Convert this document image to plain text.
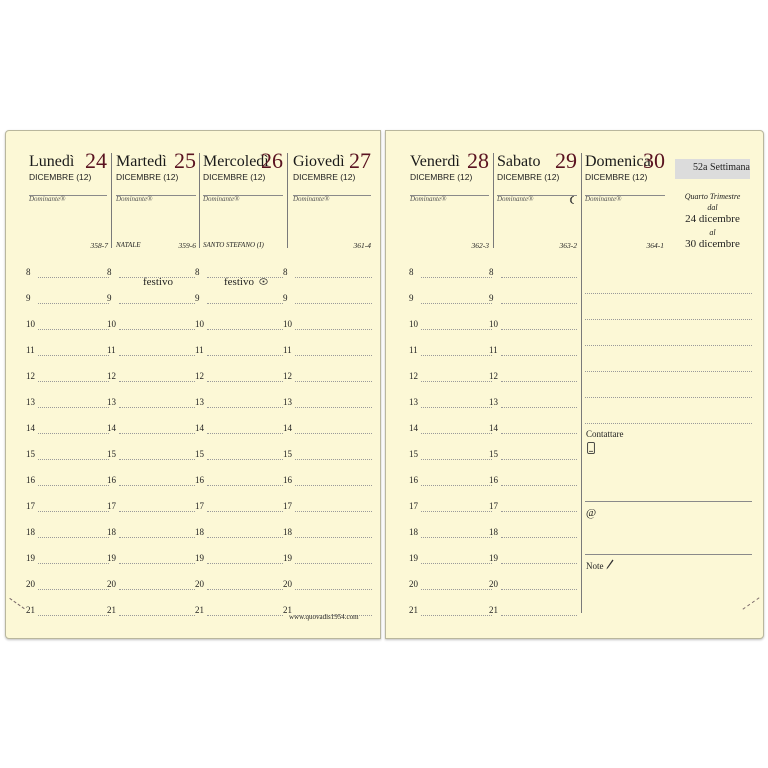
Lunedì 24
DICEMBRE (12)
Dominante®
358-7
Martedì 25
DICEMBRE (12)
Dominante®
NATALE	359-6
Mercoledì
26
DICEMBRE (12)
Dominante®
SANTO STEFANO (I)
Giovedì 27
DICEMBRE (12)
Dominante®
361-4
festivo	festivo
8	8	8	8
9	9	9	9
10	10	10	10
11	11	11	11
12	12	12	12
13	13	13	13
14	14	14	14
15	15	15	15
16	16	16	16
17	17	17	17
18	18	18	18
19	19	19	19
20	20	20	20
21	21	21	21
www.quovadis1954.com
Venerdì 28
DICEMBRE (12)
Dominante®
362-3
Sabato 29
DICEMBRE (12)
Dominante®
363-2
Domenica
30
DICEMBRE (12)
Dominante®
364-1
52a Settimana
Quarto Trimestre
dal
24 dicembre
al
30 dicembre
8	8
9	9
10	10
11	11
12	12
13	13
14	14
15	15
16	16
17	17
18	18
19	19
20	20
21	21
Contattare
@
Note
